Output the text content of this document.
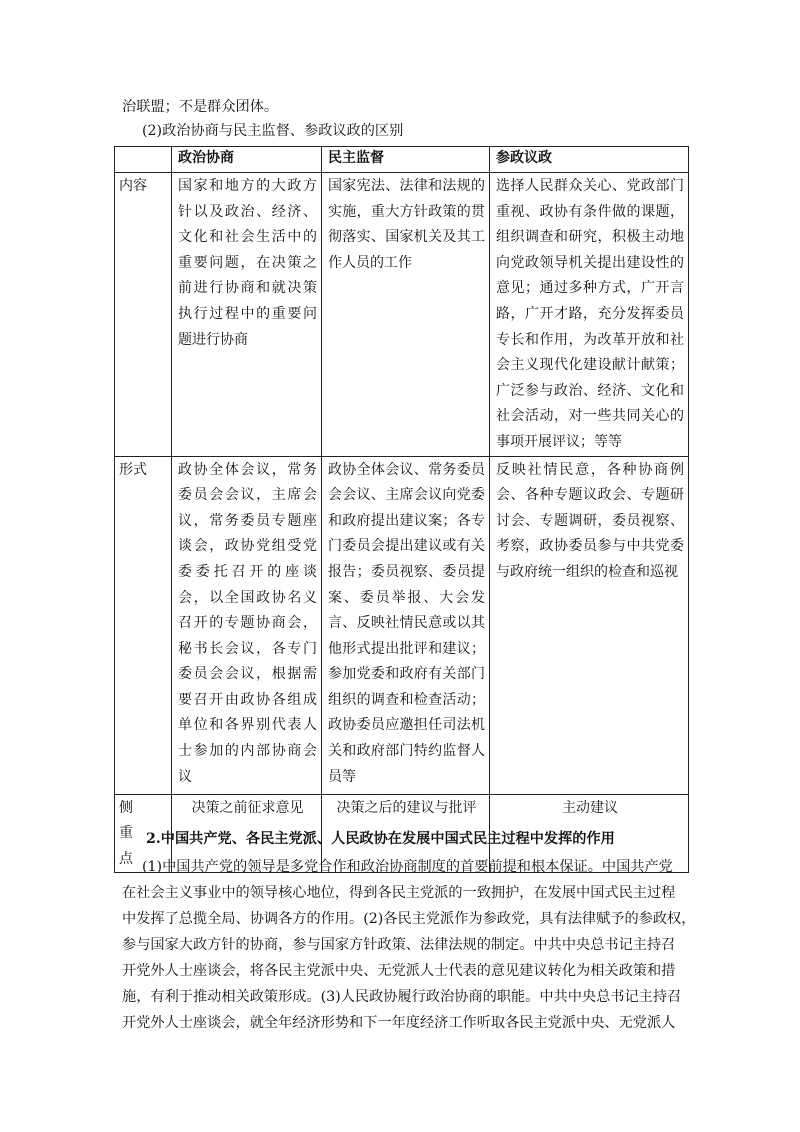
治联盟；不是群众团体。
(2)政治协商与民主监督、参政议政的区别
	政治协商	民主监督	参政议政
内容	国家和地方的大政方针以及政治、经济、文化和社会生活中的重要问题，在决策之前进行协商和就决策执行过程中的重要问题进行协商	国家宪法、法律和法规的实施，重大方针政策的贯彻落实、国家机关及其工作人员的工作	选择人民群众关心、党政部门重视、政协有条件做的课题，组织调查和研究，积极主动地向党政领导机关提出建设性的意见；通过多种方式，广开言路，广开才路，充分发挥委员专长和作用，为改革开放和社会主义现代化建设献计献策；广泛参与政治、经济、文化和社会活动，对一些共同关心的事项开展评议；等等
形式	政协全体会议，常务委员会会议，主席会议，常务委员专题座谈会，政协党组受党委委托召开的座谈会，以全国政协名义召开的专题协商会，秘书长会议，各专门委员会会议，根据需要召开由政协各组成单位和各界别代表人士参加的内部协商会议	政协全体会议、常务委员会会议、主席会议向党委和政府提出建议案；各专门委员会提出建议或有关报告；委员视察、委员提案、委员举报、大会发言、反映社情民意或以其他形式提出批评和建议；参加党委和政府有关部门组织的调查和检查活动；政协委员应邀担任司法机关和政府部门特约监督人员等	反映社情民意，各种协商例会、各种专题议政会、专题研讨会、专题调研，委员视察、考察，政协委员参与中共党委与政府统一组织的检查和巡视
侧重点	决策之前征求意见	决策之后的建议与批评	主动建议
2.中国共产党、各民主党派、人民政协在发展中国式民主过程中发挥的作用
(1)中国共产党的领导是多党合作和政治协商制度的首要前提和根本保证。中国共产党
在社会主义事业中的领导核心地位，得到各民主党派的一致拥护，在发展中国式民主过程
中发挥了总揽全局、协调各方的作用。(2)各民主党派作为参政党，具有法律赋予的参政权，
参与国家大政方针的协商，参与国家方针政策、法律法规的制定。中共中央总书记主持召
开党外人士座谈会，将各民主党派中央、无党派人士代表的意见建议转化为相关政策和措
施，有利于推动相关政策形成。(3)人民政协履行政治协商的职能。中共中央总书记主持召
开党外人士座谈会，就全年经济形势和下一年度经济工作听取各民主党派中央、无党派人
